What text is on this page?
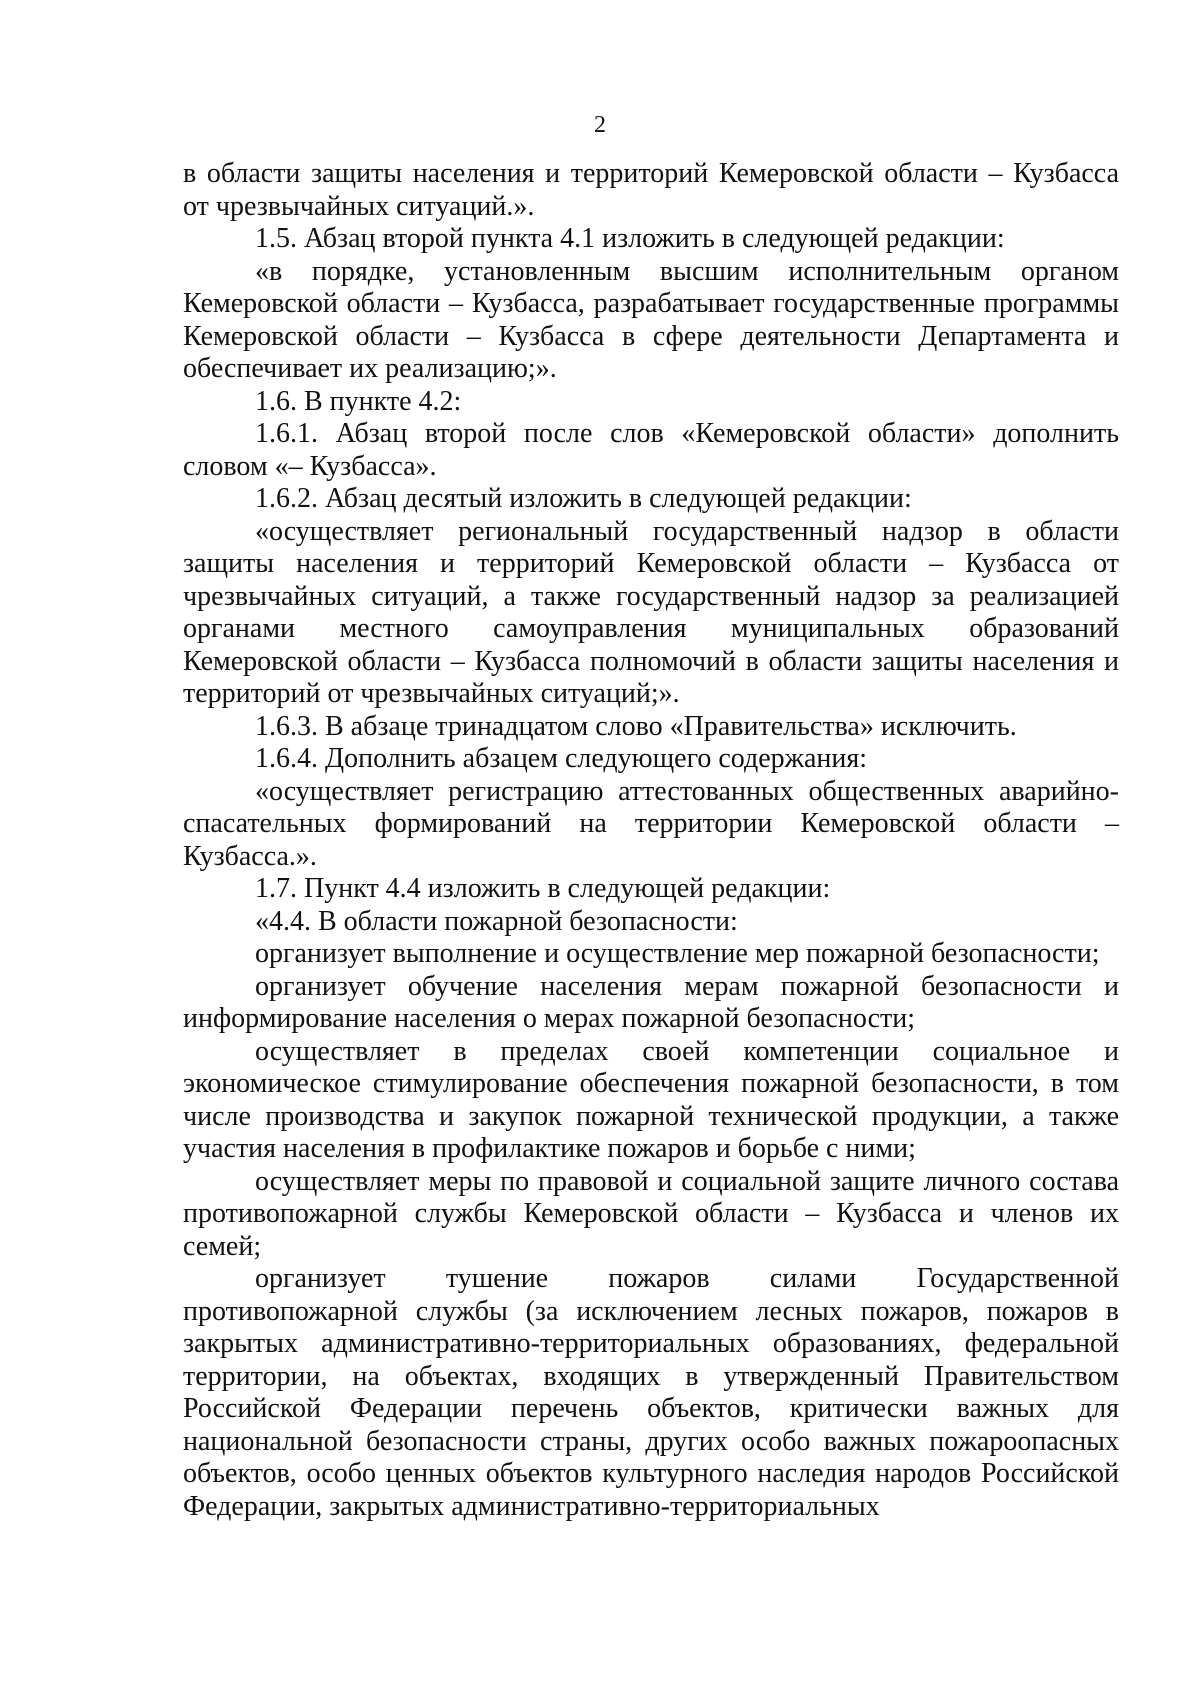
2

в области защиты населения и территорий Кемеровской области – Кузбасса от чрезвычайных ситуаций.».

1.5. Абзац второй пункта 4.1 изложить в следующей редакции:

«в порядке, установленным высшим исполнительным органом Кемеровской области – Кузбасса, разрабатывает государственные программы Кемеровской области – Кузбасса в сфере деятельности Департамента и обеспечивает их реализацию;».

1.6. В пункте 4.2:

1.6.1. Абзац второй после слов «Кемеровской области» дополнить словом «– Кузбасса».

1.6.2. Абзац десятый изложить в следующей редакции:

«осуществляет региональный государственный надзор в области защиты населения и территорий Кемеровской области – Кузбасса от чрезвычайных ситуаций, а также государственный надзор за реализацией органами местного самоуправления муниципальных образований Кемеровской области – Кузбасса полномочий в области защиты населения и территорий от чрезвычайных ситуаций;».

1.6.3. В абзаце тринадцатом слово «Правительства» исключить.

1.6.4. Дополнить абзацем следующего содержания:

«осуществляет регистрацию аттестованных общественных аварийно-спасательных формирований на территории Кемеровской области – Кузбасса.».

1.7. Пункт 4.4 изложить в следующей редакции:

«4.4. В области пожарной безопасности:

организует выполнение и осуществление мер пожарной безопасности;

организует обучение населения мерам пожарной безопасности и информирование населения о мерах пожарной безопасности;

осуществляет в пределах своей компетенции социальное и экономическое стимулирование обеспечения пожарной безопасности, в том числе производства и закупок пожарной технической продукции, а также участия населения в профилактике пожаров и борьбе с ними;

осуществляет меры по правовой и социальной защите личного состава противопожарной службы Кемеровской области – Кузбасса и членов их семей;

организует тушение пожаров силами Государственной противопожарной службы (за исключением лесных пожаров, пожаров в закрытых административно-территориальных образованиях, федеральной территории, на объектах, входящих в утвержденный Правительством Российской Федерации перечень объектов, критически важных для национальной безопасности страны, других особо важных пожароопасных объектов, особо ценных объектов культурного наследия народов Российской Федерации, закрытых административно-территориальных
